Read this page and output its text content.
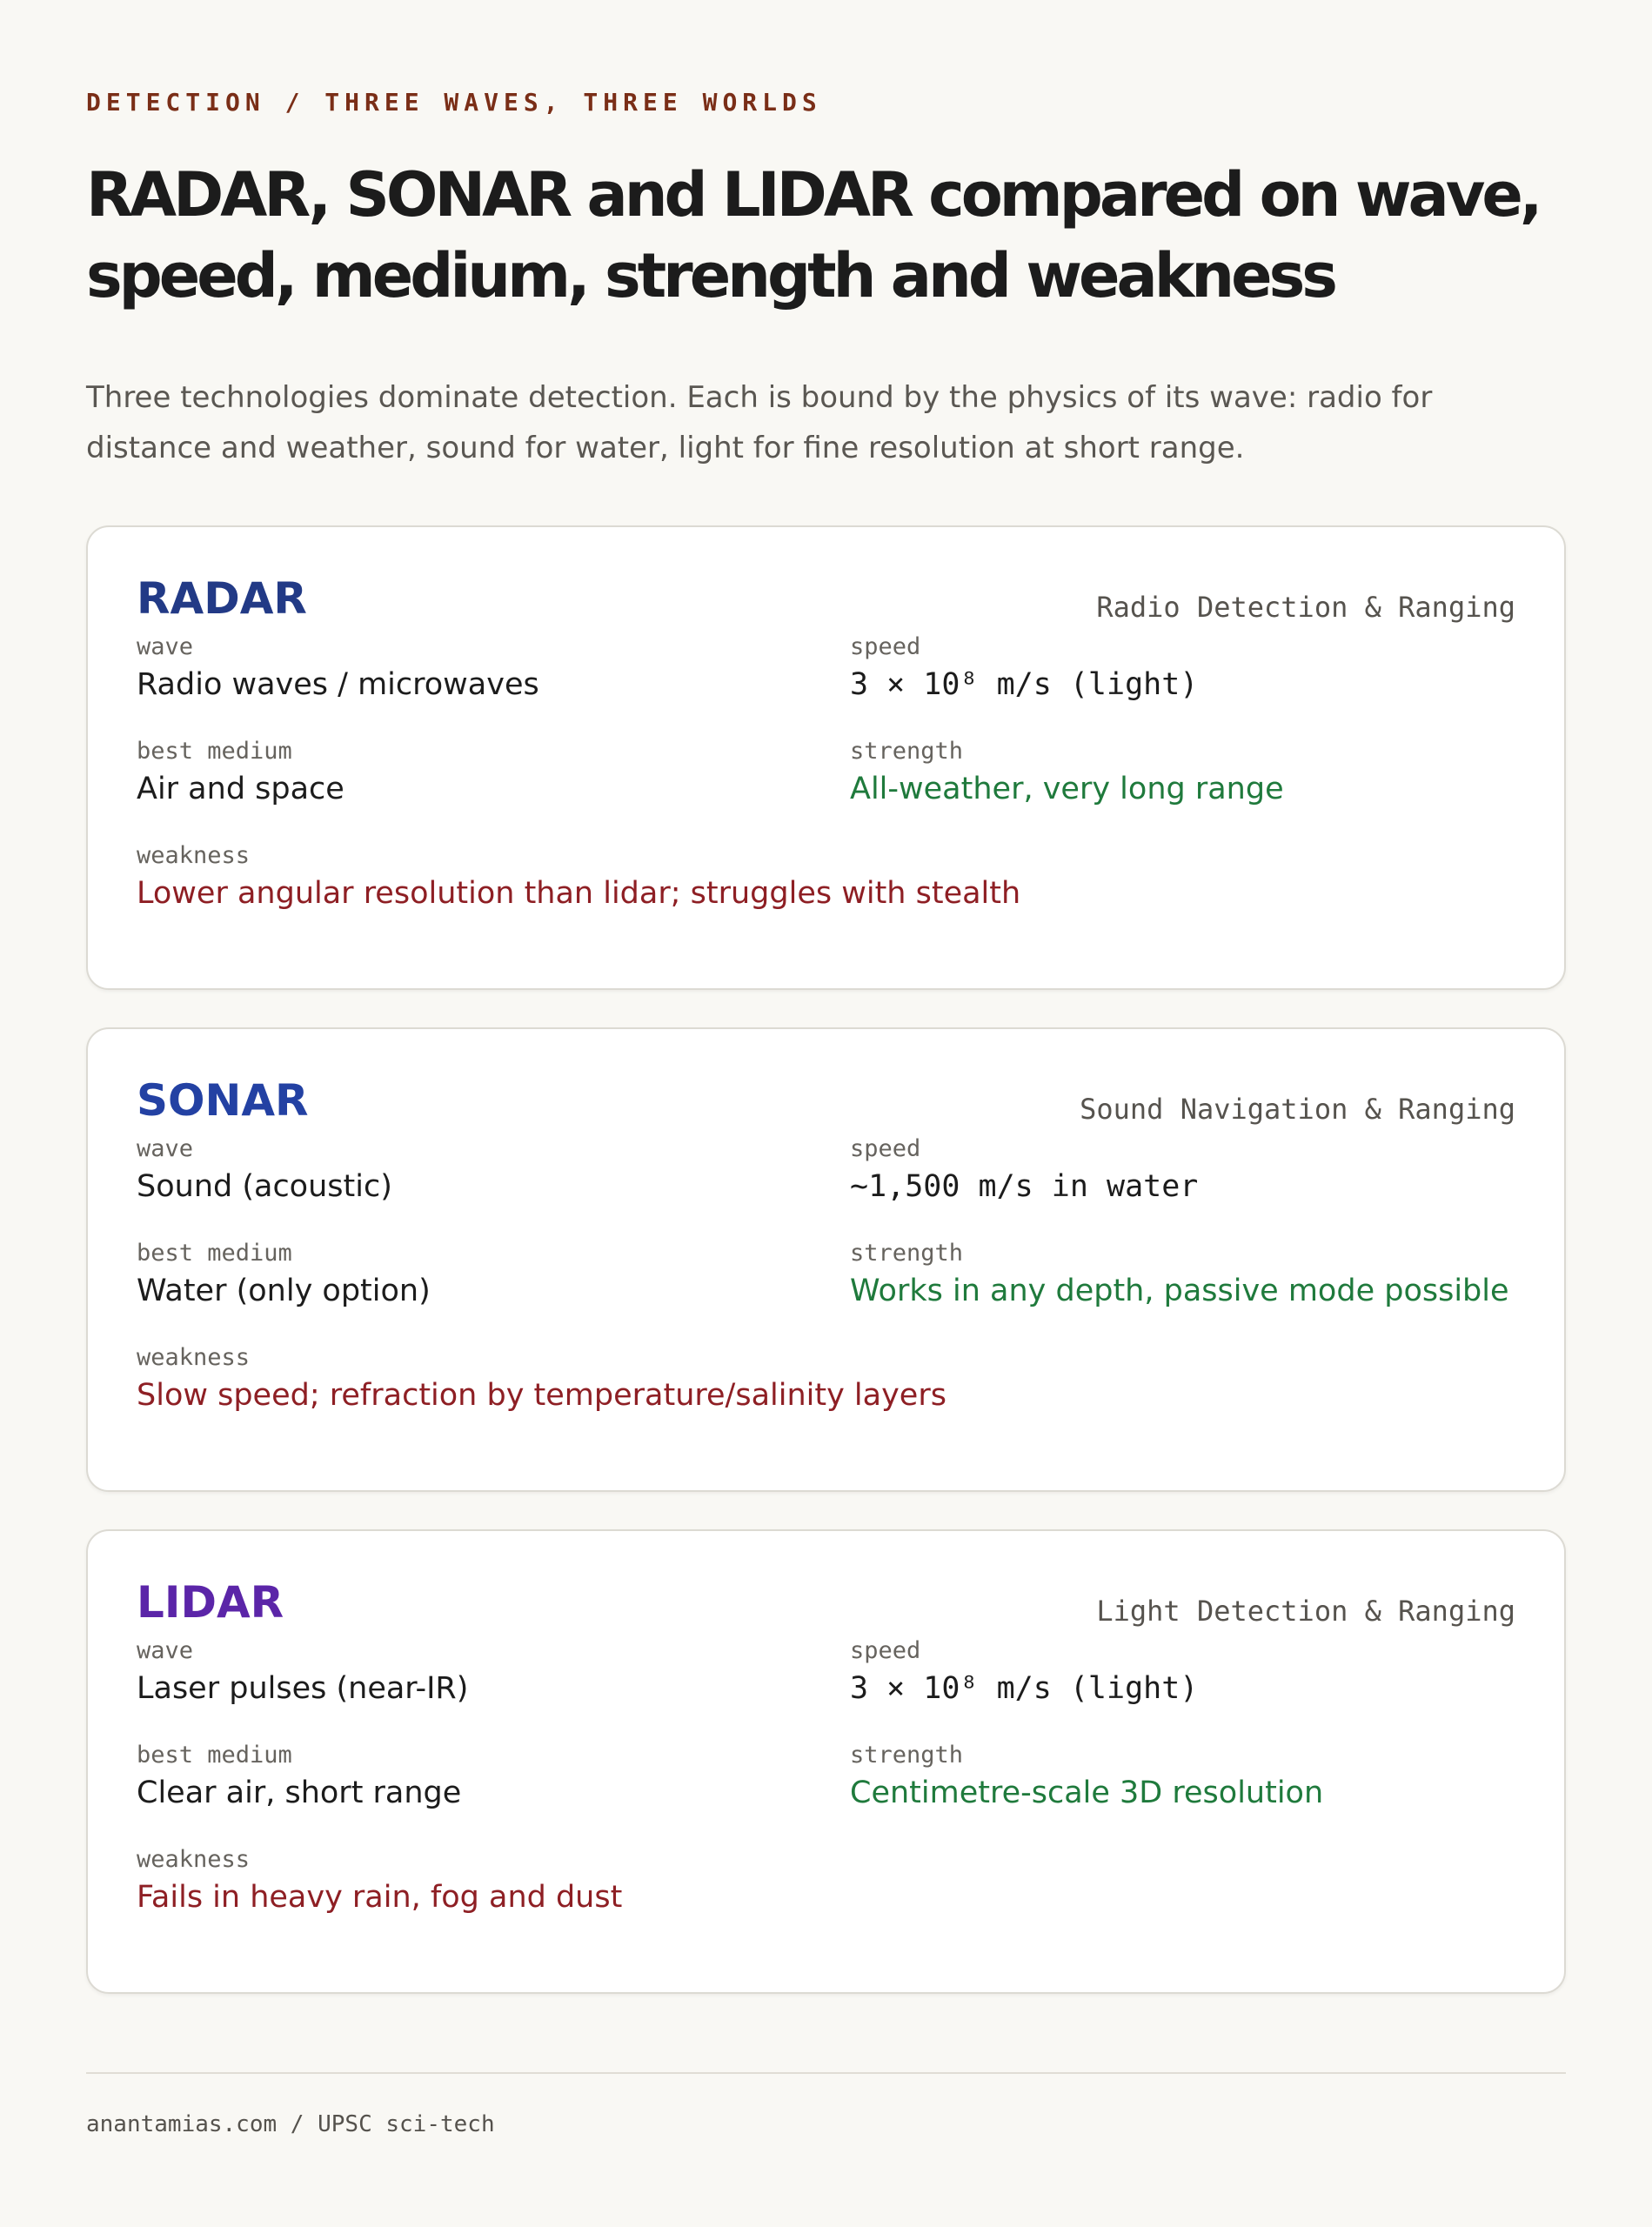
DETECTION / THREE WAVES, THREE WORLDS

RADAR, SONAR and LIDAR compared on wave, speed, medium, strength and weakness

Three technologies dominate detection. Each is bound by the physics of its wave: radio for distance and weather, sound for water, light for fine resolution at short range.

RADAR	Radio Detection & Ranging

wave
Radio waves / microwaves
speed
3 × 10⁸ m/s (light)
best medium
Air and space
strength
All-weather, very long range
weakness
Lower angular resolution than lidar; struggles with stealth
SONAR	Sound Navigation & Ranging

wave
Sound (acoustic)
speed
~1,500 m/s in water
best medium
Water (only option)
strength
Works in any depth, passive mode possible
weakness
Slow speed; refraction by temperature/salinity layers
LIDAR	Light Detection & Ranging

wave
Laser pulses (near-IR)
speed
3 × 10⁸ m/s (light)
best medium
Clear air, short range
strength
Centimetre-scale 3D resolution
weakness
Fails in heavy rain, fog and dust

anantamias.com / UPSC sci-tech
